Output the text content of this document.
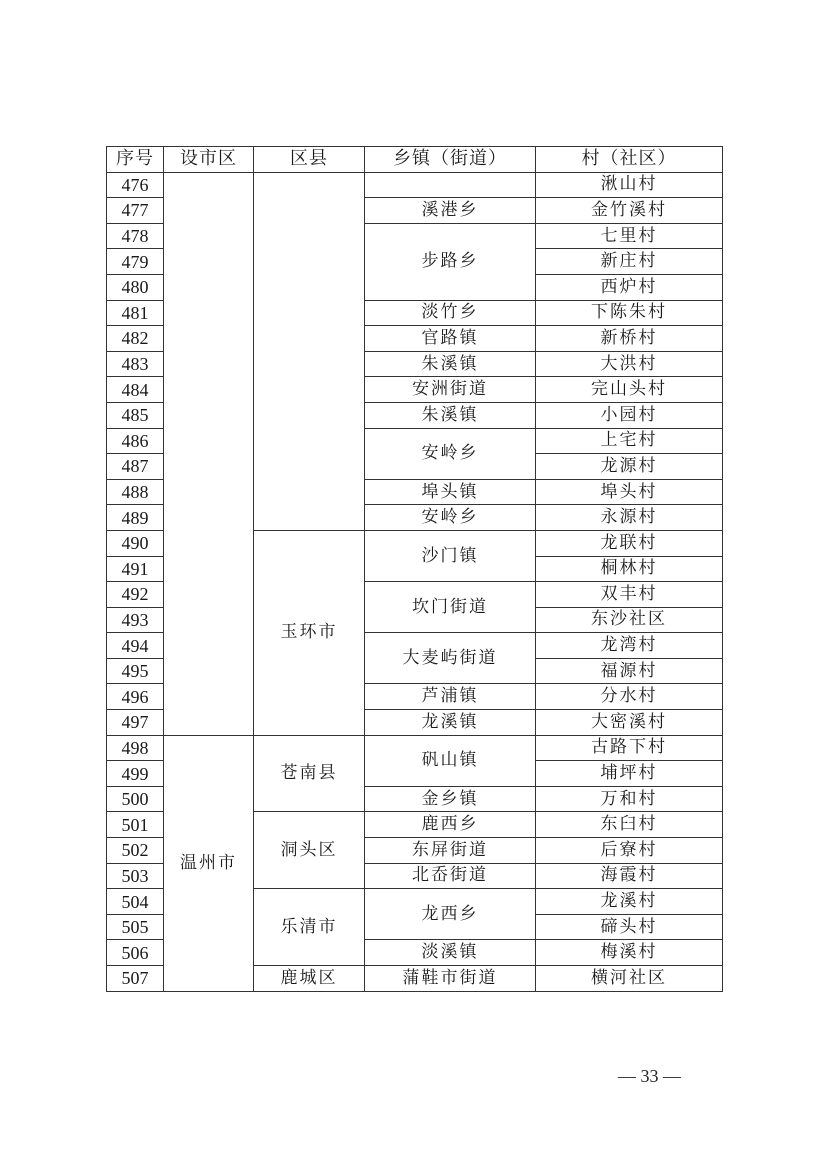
序号	设市区	区县	乡镇（街道）	村（社区）
476				湫山村
477			溪港乡	金竹溪村
478			步路乡	七里村
479				新庄村
480				西炉村
481			淡竹乡	下陈朱村
482			官路镇	新桥村
483			朱溪镇	大洪村
484			安洲街道	完山头村
485			朱溪镇	小园村
486			安岭乡	上宅村
487				龙源村
488			埠头镇	埠头村
489			安岭乡	永源村
490		玉环市	沙门镇	龙联村
491				桐林村
492			坎门街道	双丰村
493				东沙社区
494			大麦屿街道	龙湾村
495				福源村
496			芦浦镇	分水村
497			龙溪镇	大密溪村
498	温州市	苍南县	矾山镇	古路下村
499				埔坪村
500			金乡镇	万和村
501		洞头区	鹿西乡	东臼村
502			东屏街道	后寮村
503			北岙街道	海霞村
504		乐清市	龙西乡	龙溪村
505				碲头村
506			淡溪镇	梅溪村
507		鹿城区	蒲鞋市街道	横河社区
— 33 —
